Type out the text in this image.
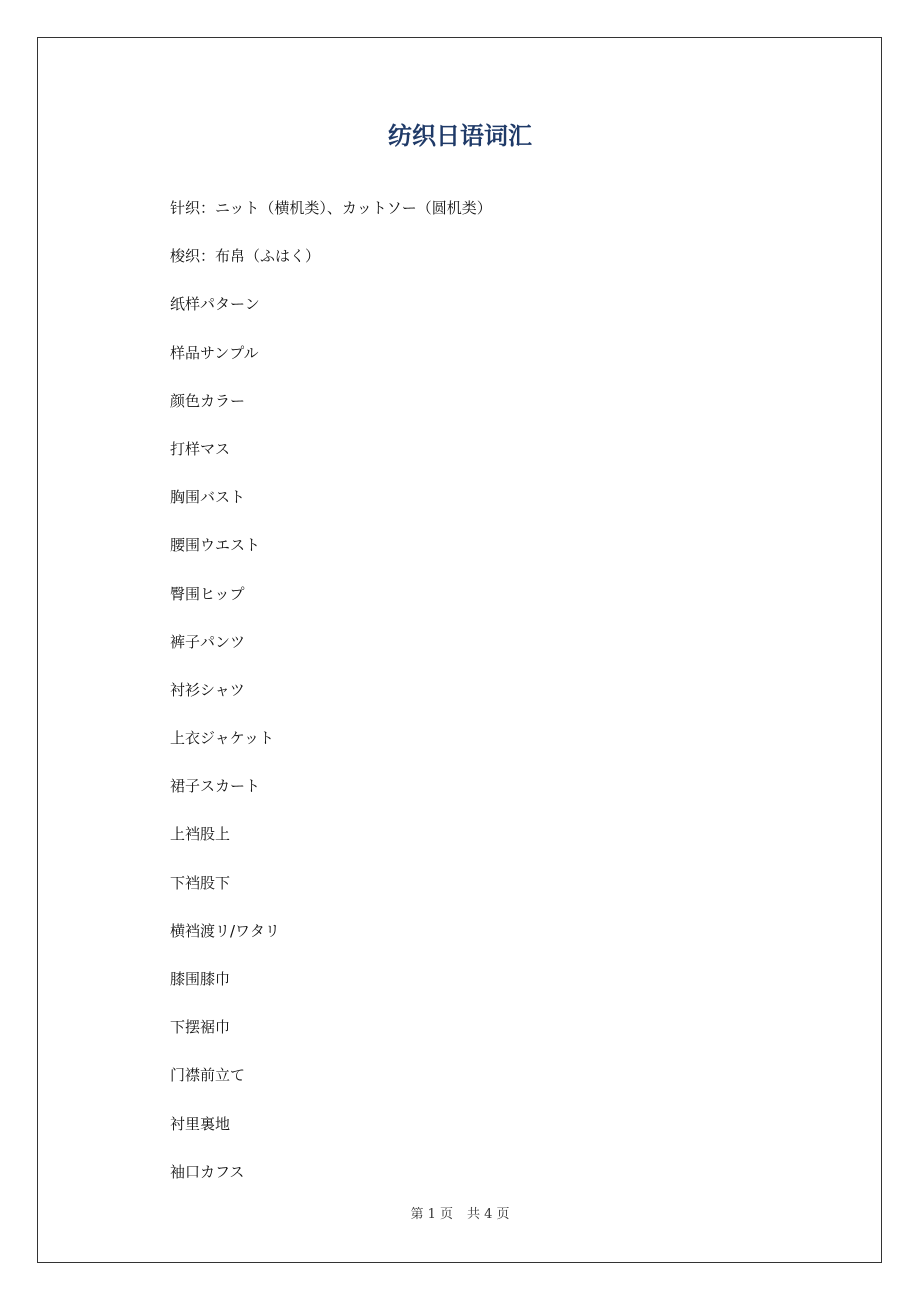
纺织日语词汇
针织：ニット（横机类）、カットソー（圆机类）
梭织：布帛（ふはく）
纸样パターン
样品サンプル
颜色カラー
打样マス
胸围バスト
腰围ウエスト
臀围ヒップ
裤子パンツ
衬衫シャツ
上衣ジャケット
裙子スカート
上裆股上
下裆股下
横裆渡リ/ワタリ
膝围膝巾
下摆裾巾
门襟前立て
衬里裏地
袖口カフス
第 1 页 共 4 页
